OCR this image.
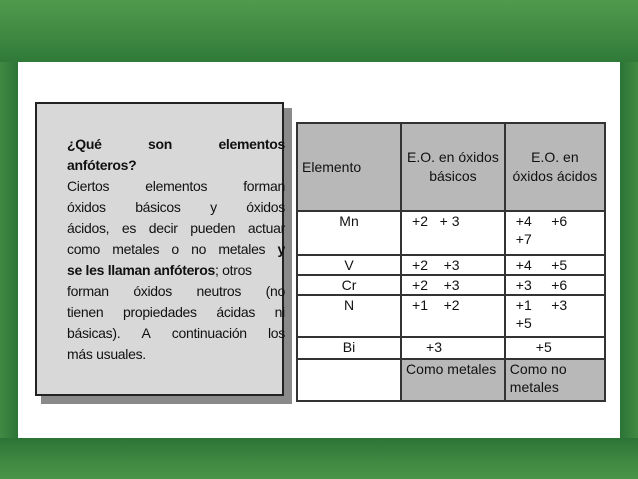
¿Qué	son	elementos
anfóteros?
Ciertos	elementos	forman
óxidos básicos y óxidos
ácidos, es decir pueden actuar
como metales o no metales y
se les llaman anfóteros; otros
forman óxidos neutros (no
tienen propiedades ácidas ni
básicas). A continuación los
más usuales.
Elemento	E.O. en óxidos básicos	E.O. en óxidos ácidos
Mn	+2   + 3	+4     +6
+7

V	+2    +3	+4     +5
Cr	+2    +3	+3     +6
N	+1    +2	+1     +3
+5

Bi	+3	+5
	Como metales	Como no metales
